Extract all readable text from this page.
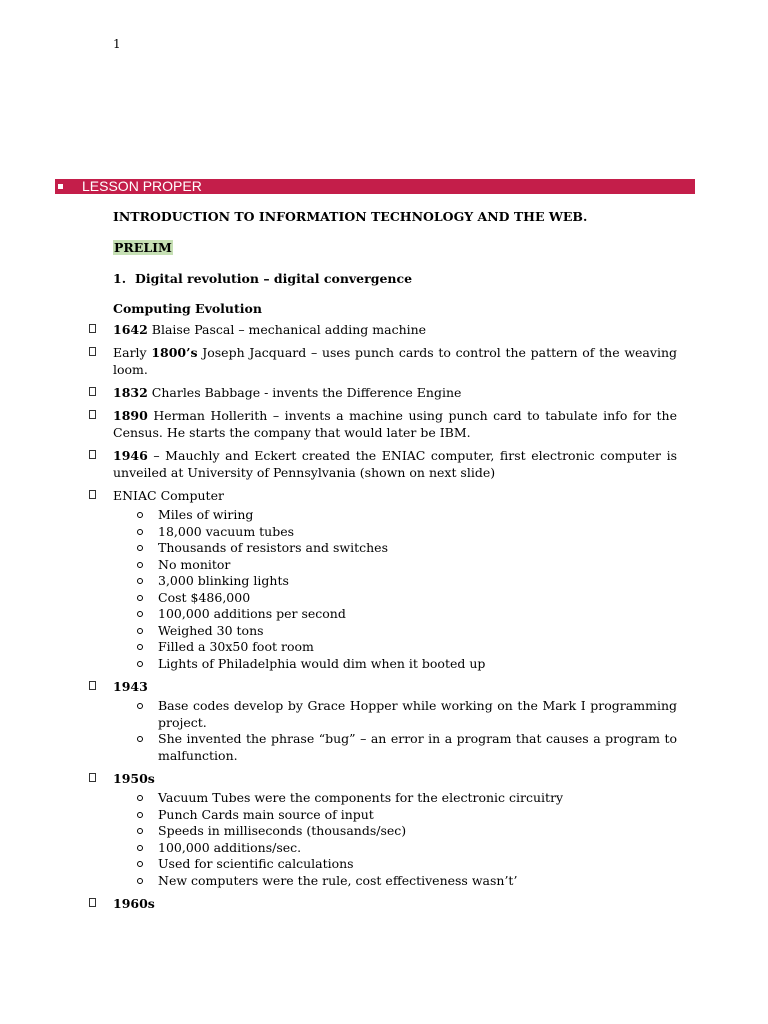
1
LESSON PROPER
INTRODUCTION TO INFORMATION TECHNOLOGY AND THE WEB.
PRELIM
1. Digital revolution – digital convergence
Computing Evolution
1642 Blaise Pascal – mechanical adding machine
Early 1800’s Joseph Jacquard – uses punch cards to control the pattern of the weaving loom.
1832 Charles Babbage - invents the Difference Engine
1890 Herman Hollerith – invents a machine using punch card to tabulate info for the Census. He starts the company that would later be IBM.
1946 – Mauchly and Eckert created the ENIAC computer, first electronic computer is unveiled at University of Pennsylvania (shown on next slide)
ENIAC Computer
Miles of wiring
18,000 vacuum tubes
Thousands of resistors and switches
No monitor
3,000 blinking lights
Cost $486,000
100,000 additions per second
Weighed 30 tons
Filled a 30x50 foot room
Lights of Philadelphia would dim when it booted up
1943
Base codes develop by Grace Hopper while working on the Mark I programming project.
She invented the phrase “bug” – an error in a program that causes a program to malfunction.
1950s
Vacuum Tubes were the components for the electronic circuitry
Punch Cards main source of input
Speeds in milliseconds (thousands/sec)
100,000 additions/sec.
Used for scientific calculations
New computers were the rule, cost effectiveness wasn’t’
1960s
